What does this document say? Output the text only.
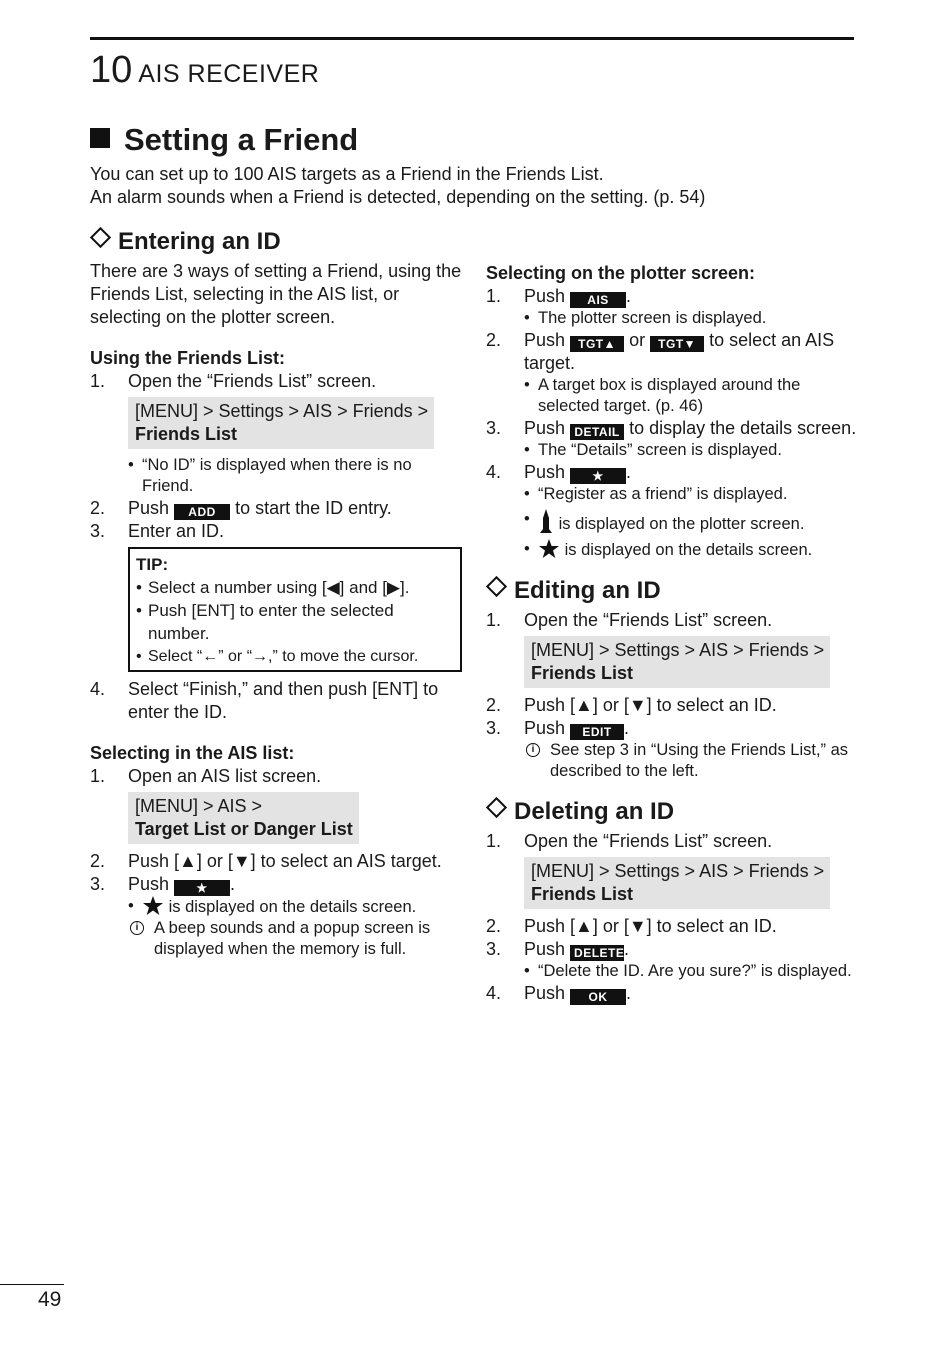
10 AIS RECEIVER
Setting a Friend

You can set up to 100 AIS targets as a Friend in the Friends List.

An alarm sounds when a Friend is detected, depending on the setting. (p. 54)

Entering an ID

There are 3 ways of setting a Friend, using the Friends List, selecting in the AIS list, or selecting on the plotter screen.

Using the Friends List:

1. Open the “Friends List” screen.
[MENU] > Settings > AIS > Friends >
Friends List
• “No ID” is displayed when there is no Friend.
2. Push ADD to start the ID entry.
3. Enter an ID.
TIP:
• Select a number using [◀] and [▶].
• Push [ENT] to enter the selected number.
• Select “←” or “→,” to move the cursor.
4. Select “Finish,” and then push [ENT] to enter the ID.

Selecting in the AIS list:

1. Open an AIS list screen.
[MENU] > AIS >
Target List or Danger List
2. Push [▲] or [▼] to select an AIS target.
3. Push ★ .
• is displayed on the details screen.
i A beep sounds and a popup screen is displayed when the memory is full.

Selecting on the plotter screen:

1. Push AIS .
• The plotter screen is displayed.
2. Push TGT▲ or TGT▼ to select an AIS target.
• A target box is displayed around the selected target. (p. 46)
3. Push DETAIL to display the details screen.
• The “Details” screen is displayed.
4. Push ★ .
• “Register as a friend” is displayed.
• is displayed on the plotter screen.
• is displayed on the details screen.
Editing an ID
1. Open the “Friends List” screen.
[MENU] > Settings > AIS > Friends >
Friends List
2. Push [▲] or [▼] to select an ID.
3. Push EDIT .
i See step 3 in “Using the Friends List,” as described to the left.
Deleting an ID
1. Open the “Friends List” screen.
[MENU] > Settings > AIS > Friends >
Friends List
2. Push [▲] or [▼] to select an ID.
3. Push DELETE.
• “Delete the ID. Are you sure?” is displayed.
4. Push OK .
49
